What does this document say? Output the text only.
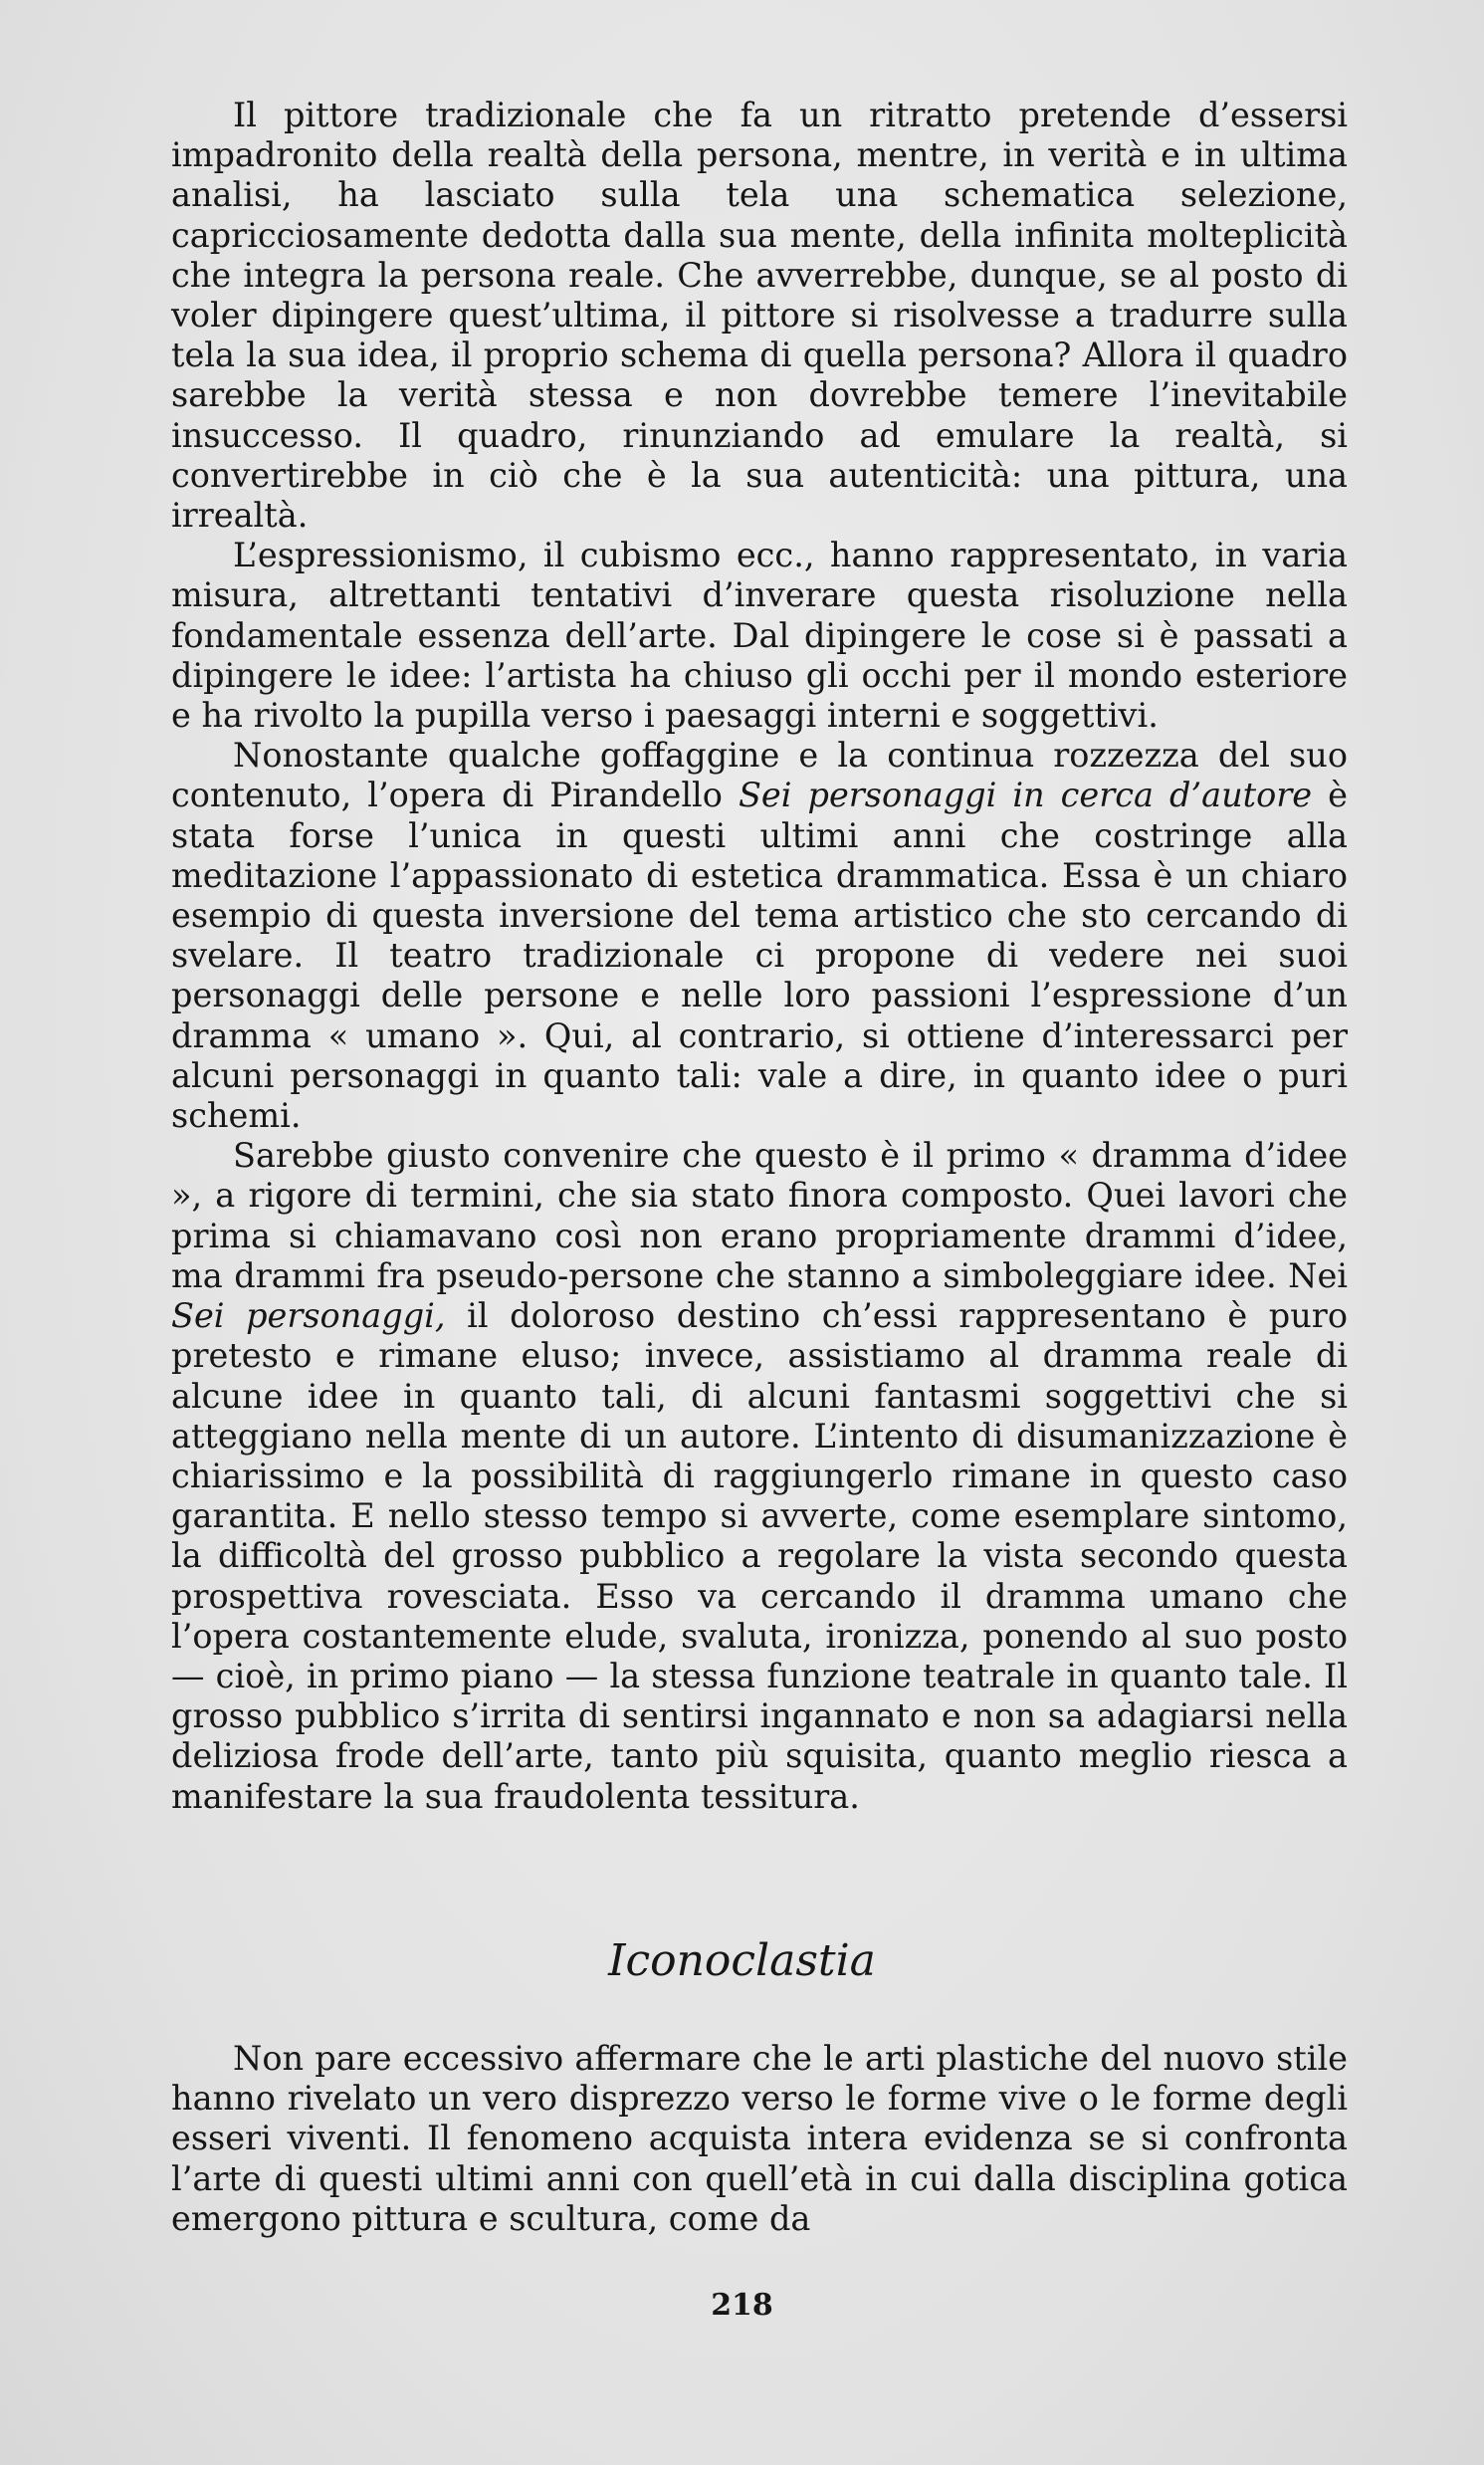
Il pittore tradizionale che fa un ritratto pretende d’essersi impadronito della realtà della persona, mentre, in verità e in ultima analisi, ha lasciato sulla tela una schematica selezione, capricciosamente dedotta dalla sua mente, della infinita molteplicità che integra la persona reale. Che avverrebbe, dunque, se al posto di voler dipingere quest’ultima, il pittore si risolvesse a tradurre sulla tela la sua idea, il proprio schema di quella persona? Allora il quadro sarebbe la verità stessa e non dovrebbe temere l’inevitabile insuccesso. Il quadro, rinunziando ad emulare la realtà, si convertirebbe in ciò che è la sua autenticità: una pittura, una irrealtà.

L’espressionismo, il cubismo ecc., hanno rappresentato, in varia misura, altrettanti tentativi d’inverare questa risoluzione nella fondamentale essenza dell’arte. Dal dipingere le cose si è passati a dipingere le idee: l’artista ha chiuso gli occhi per il mondo esteriore e ha rivolto la pupilla verso i paesaggi interni e soggettivi.

Nonostante qualche goffaggine e la continua rozzezza del suo contenuto, l’opera di Pirandello Sei personaggi in cerca d’autore è stata forse l’unica in questi ultimi anni che costringe alla meditazione l’appassionato di estetica drammatica. Essa è un chiaro esempio di questa inversione del tema artistico che sto cercando di svelare. Il teatro tradizionale ci propone di vedere nei suoi personaggi delle persone e nelle loro passioni l’espressione d’un dramma « umano ». Qui, al contrario, si ottiene d’interessarci per alcuni personaggi in quanto tali: vale a dire, in quanto idee o puri schemi.

Sarebbe giusto convenire che questo è il primo « dramma d’idee », a rigore di termini, che sia stato finora composto. Quei lavori che prima si chiamavano così non erano propriamente drammi d’idee, ma drammi fra pseudo-persone che stanno a simboleggiare idee. Nei Sei personaggi, il doloroso destino ch’essi rappresentano è puro pretesto e rimane eluso; invece, assistiamo al dramma reale di alcune idee in quanto tali, di alcuni fantasmi soggettivi che si atteggiano nella mente di un autore. L’intento di disumanizzazione è chiarissimo e la possibilità di raggiungerlo rimane in questo caso garantita. E nello stesso tempo si avverte, come esemplare sintomo, la difficoltà del grosso pubblico a regolare la vista secondo questa prospettiva rovesciata. Esso va cercando il dramma umano che l’opera costantemente elude, svaluta, ironizza, ponendo al suo posto — cioè, in primo piano — la stessa funzione teatrale in quanto tale. Il grosso pubblico s’irrita di sentirsi ingannato e non sa adagiarsi nella deliziosa frode dell’arte, tanto più squisita, quanto meglio riesca a manifestare la sua fraudolenta tessitura.

Iconoclastia

Non pare eccessivo affermare che le arti plastiche del nuovo stile hanno rivelato un vero disprezzo verso le forme vive o le forme degli esseri viventi. Il fenomeno acquista intera evidenza se si confronta l’arte di questi ultimi anni con quell’età in cui dalla disciplina gotica emergono pittura e scultura, come da

218
